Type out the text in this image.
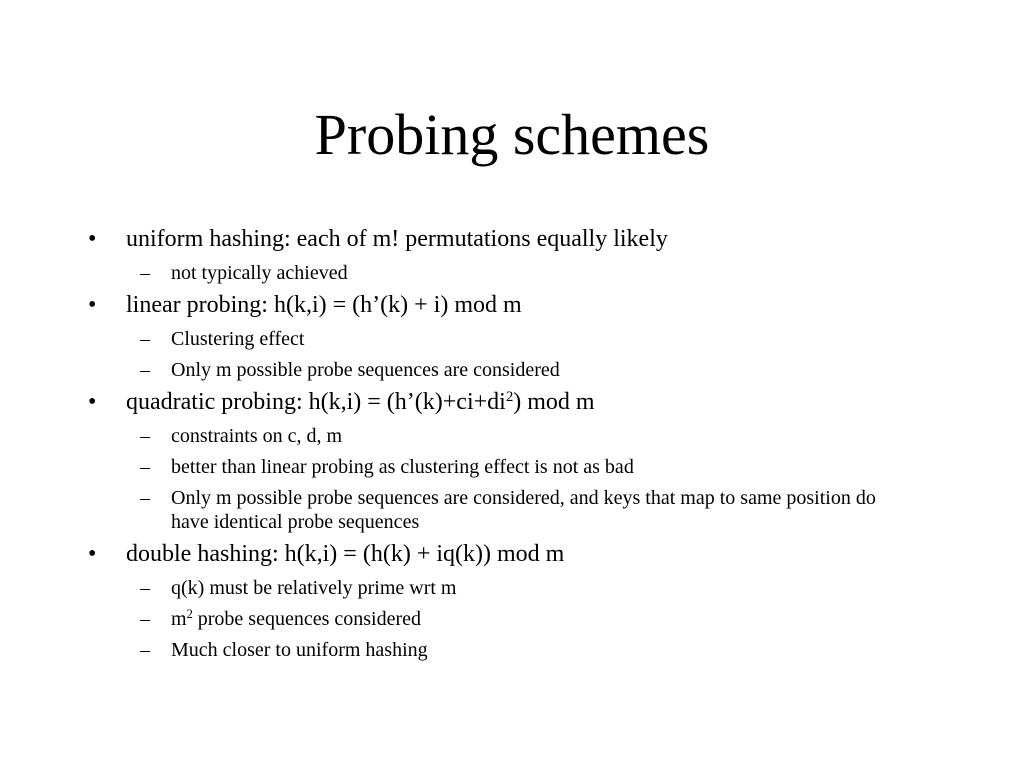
Probing schemes
• uniform hashing: each of m! permutations equally likely
– not typically achieved
• linear probing: h(k,i) = (h’(k) + i) mod m
– Clustering effect
– Only m possible probe sequences are considered
• quadratic probing: $h(k,i) = (h’(k)+ci+di^2)$ mod m
– constraints on c, d, m
– better than linear probing as clustering effect is not as bad
– Only m possible probe sequences are considered, and keys that map to same position do have identical probe sequences
• double hashing: h(k,i) = (h(k) + iq(k)) mod m
– q(k) must be relatively prime wrt m
– $m^2$ probe sequences considered
– Much closer to uniform hashing
